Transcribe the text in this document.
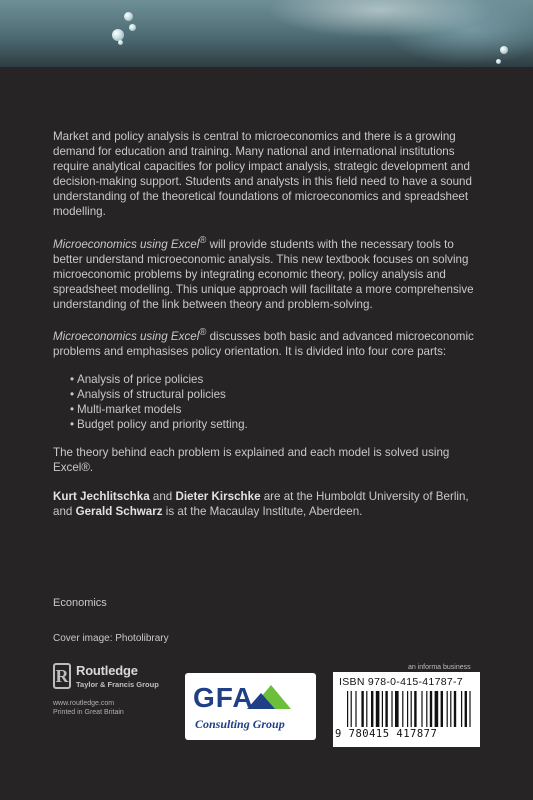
Market and policy analysis is central to microeconomics and there is a growing demand for education and training. Many national and international institutions require analytical capacities for policy impact analysis, strategic development and decision-making support. Students and analysts in this field need to have a sound understanding of the theoretical foundations of microeconomics and spreadsheet modelling.

Microeconomics using Excel® will provide students with the necessary tools to better understand microeconomic analysis. This new textbook focuses on solving microeconomic problems by integrating economic theory, policy analysis and spreadsheet modelling. This unique approach will facilitate a more comprehensive understanding of the link between theory and problem-solving.

Microeconomics using Excel® discusses both basic and advanced microeconomic problems and emphasises policy orientation. It is divided into four core parts:

• Analysis of price policies
• Analysis of structural policies
• Multi-market models
• Budget policy and priority setting.

The theory behind each problem is explained and each model is solved using Excel®.

Kurt Jechlitschka and Dieter Kirschke are at the Humboldt University of Berlin, and Gerald Schwarz is at the Macaulay Institute, Aberdeen.

Economics
Cover image: Photolibrary
R Routledge
Taylor & Francis Group
www.routledge.com
Printed in Great Britain GFA
Consulting Group
an informa business
ISBN 978-0-415-41787-7
9 780415 417877
